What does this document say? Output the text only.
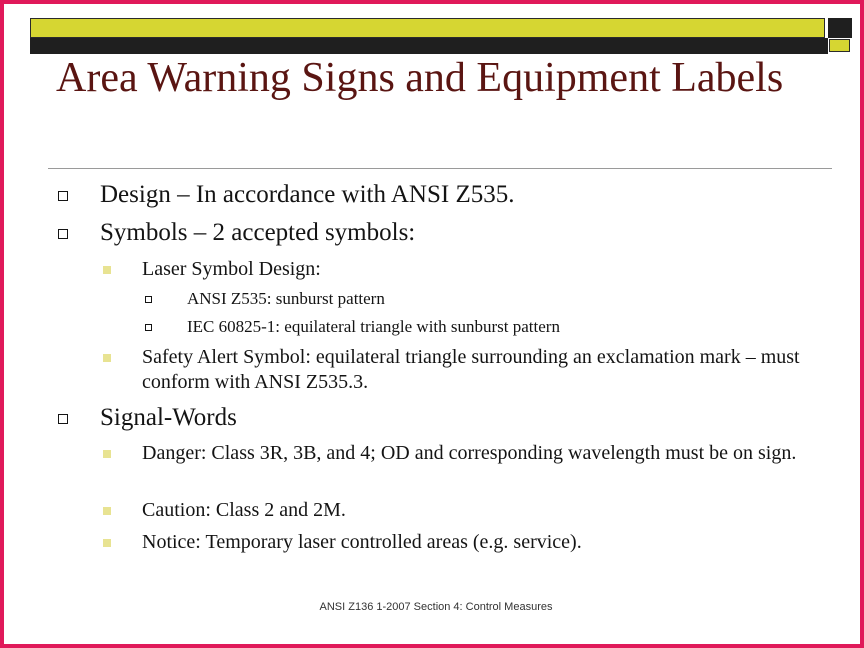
Area Warning Signs and Equipment Labels

Design – In accordance with ANSI Z535.

Symbols – 2 accepted symbols:

Laser Symbol Design:

ANSI Z535: sunburst pattern

IEC 60825-1: equilateral triangle with sunburst pattern

Safety Alert Symbol: equilateral triangle surrounding an exclamation mark – must conform with ANSI Z535.3.

Signal-Words

Danger: Class 3R, 3B, and 4; OD and corresponding wavelength must be on sign.

Caution: Class 2 and 2M.

Notice: Temporary laser controlled areas (e.g. service).

ANSI Z136 1-2007 Section 4: Control Measures
